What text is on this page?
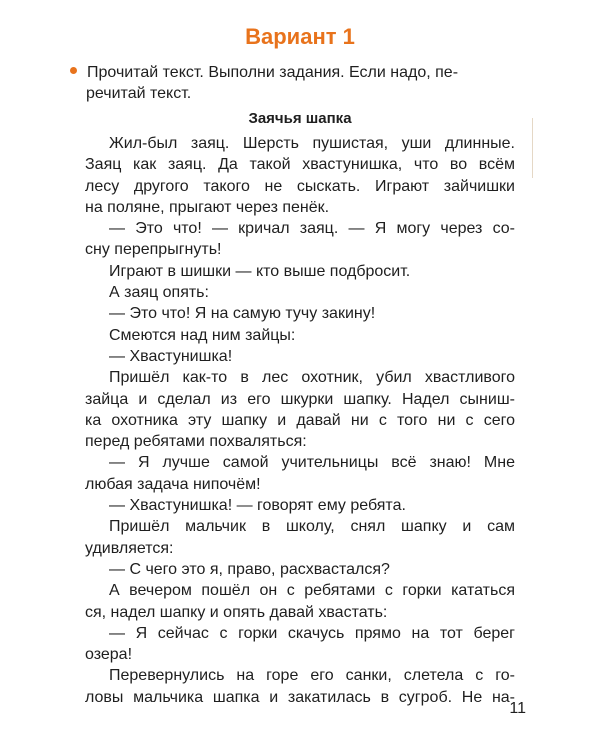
Вариант 1

Прочитай текст. Выполни задания. Если надо, пе-
речитай текст.

Заячья шапка
Жил-был заяц. Шерсть пушистая, уши длинные.
Заяц как заяц. Да такой хвастунишка, что во всём
лесу другого такого не сыскать. Играют зайчишки
на поляне, прыгают через пенёк.
— Это что! — кричал заяц. — Я могу через со-
сну перепрыгнуть!
Играют в шишки — кто выше подбросит.
А заяц опять:
— Это что! Я на самую тучу закину!
Смеются над ним зайцы:
— Хвастунишка!
Пришёл как-то в лес охотник, убил хвастливого
зайца и сделал из его шкурки шапку. Надел сыниш-
ка охотника эту шапку и давай ни с того ни с сего
перед ребятами похваляться:
— Я лучше самой учительницы всё знаю! Мне
любая задача нипочём!
— Хвастунишка! — говорят ему ребята.
Пришёл мальчик в школу, снял шапку и сам
удивляется:
— С чего это я, право, расхвастался?
А вечером пошёл он с ребятами с горки кататься
ся, надел шапку и опять давай хвастать:
— Я сейчас с горки скачусь прямо на тот берег
озера!
Перевернулись на горе его санки, слетела с го-
ловы мальчика шапка и закатилась в сугроб. Не на-
11
